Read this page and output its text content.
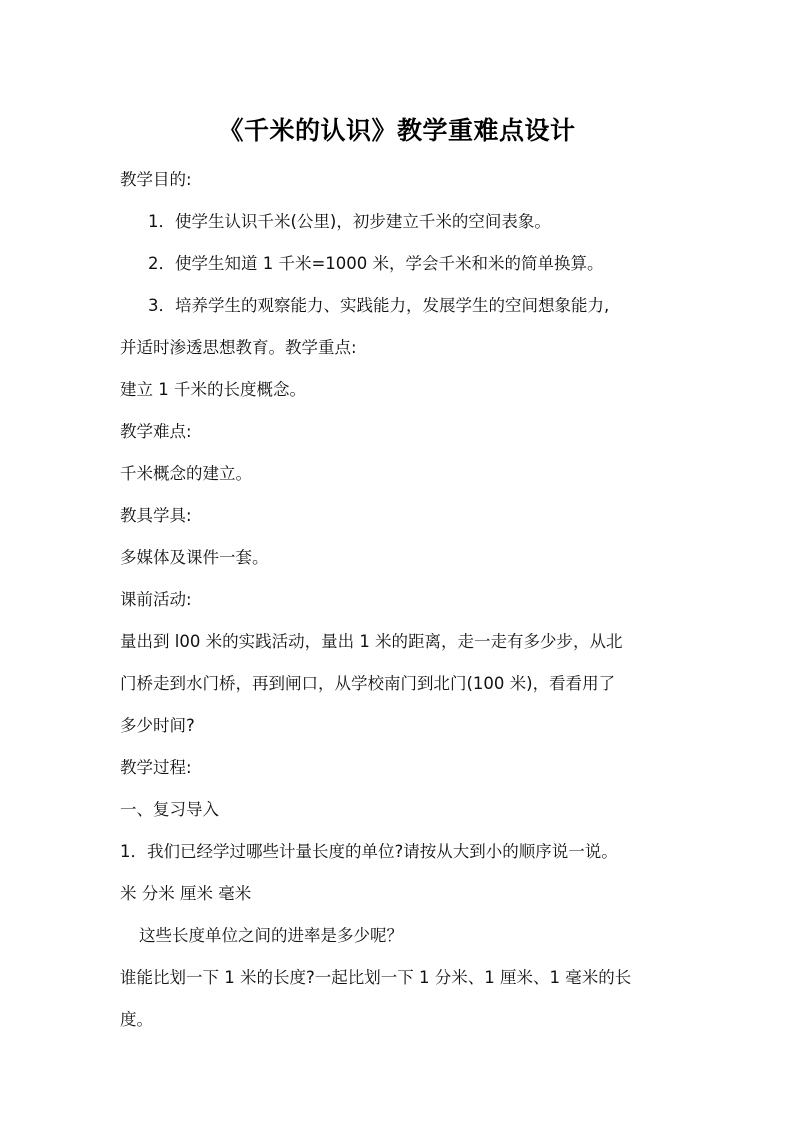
《千米的认识》教学重难点设计
教学目的:
1．使学生认识千米(公里)，初步建立千米的空间表象。
2．使学生知道 1 千米=1000 米，学会千米和米的简单换算。
3．培养学生的观察能力、实践能力，发展学生的空间想象能力,
并适时渗透思想教育。教学重点:
建立 1 千米的长度概念。
教学难点:
千米概念的建立。
教具学具:
多媒体及课件一套。
课前活动:
量出到 l00 米的实践活动，量出 1 米的距离，走一走有多少步，从北
门桥走到水门桥，再到闸口，从学校南门到北门(100 米)，看看用了
多少时间?
教学过程:
一、复习导入
1．我们已经学过哪些计量长度的单位?请按从大到小的顺序说一说。
米 分米 厘米 毫米
这些长度单位之间的进率是多少呢？
谁能比划一下 1 米的长度?一起比划一下 1 分米、1 厘米、1 毫米的长
度。
